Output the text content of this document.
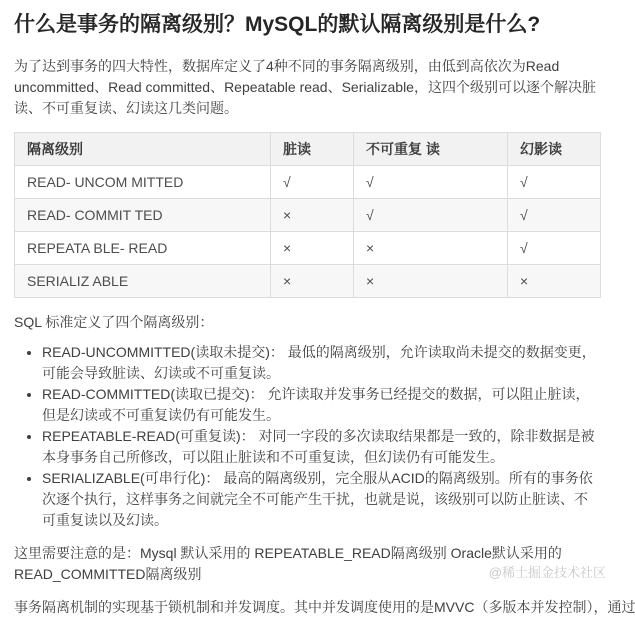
什么是事务的隔离级别？MySQL的默认隔离级别是什么?

为了达到事务的四大特性，数据库定义了4种不同的事务隔离级别，由低到高依次为Read uncommitted、Read committed、Repeatable read、Serializable，这四个级别可以逐个解决脏读、不可重复读、幻读这几类问题。

隔离级别	脏读	不可重复 读	幻影读
READ- UNCOM MITTED	√	√	√
READ- COMMIT TED	×	√	√
REPEATA BLE- READ	×	×	√
SERIALIZ ABLE	×	×	×

SQL 标准定义了四个隔离级别：

• READ-UNCOMMITTED(读取未提交)： 最低的隔离级别，允许读取尚未提交的数据变更，可能会导致脏读、幻读或不可重复读。
• READ-COMMITTED(读取已提交)： 允许读取并发事务已经提交的数据，可以阻止脏读，但是幻读或不可重复读仍有可能发生。
• REPEATABLE-READ(可重复读)： 对同一字段的多次读取结果都是一致的，除非数据是被本身事务自己所修改，可以阻止脏读和不可重复读，但幻读仍有可能发生。
• SERIALIZABLE(可串行化)： 最高的隔离级别，完全服从ACID的隔离级别。所有的事务依次逐个执行，这样事务之间就完全不可能产生干扰，也就是说，该级别可以防止脏读、不可重复读以及幻读。

这里需要注意的是：Mysql 默认采用的 REPEATABLE_READ隔离级别 Oracle默认采用的 READ_COMMITTED隔离级别

事务隔离机制的实现基于锁机制和并发调度。其中并发调度使用的是MVVC（多版本并发控制），通过

@稀土掘金技术社区
